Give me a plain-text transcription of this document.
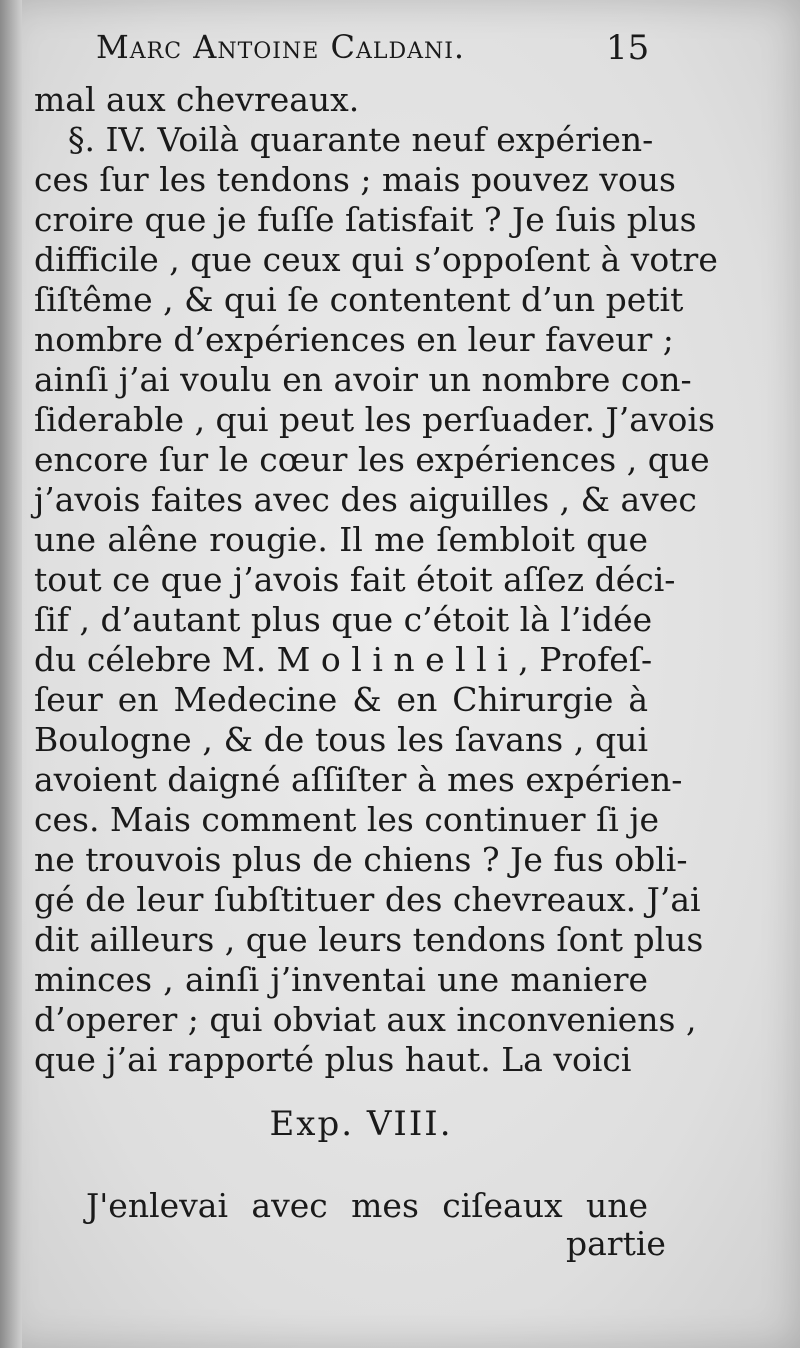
Marc Antoine Caldani.	15
mal aux chevreaux.
§. IV. Voilà quarante neuf expérien-
ces ſur les tendons ; mais pouvez vous
croire que je fuſſe ſatisfait ? Je ſuis plus
difficile , que ceux qui s’oppoſent à votre
ſiſtême , & qui ſe contentent d’un petit
nombre d’expériences en leur faveur ;
ainſi j’ai voulu en avoir un nombre con-
ſiderable , qui peut les perſuader. J’avois
encore ſur le cœur les expériences , que
j’avois faites avec des aiguilles , & avec
une alêne rougie. Il me ſembloit que
tout ce que j’avois fait étoit aſſez déci-
ſif , d’autant plus que c’étoit là l’idée
du célebre M. M o l i n e l l i , Profeſ-
ſeur en Medecine & en Chirurgie à
Boulogne , & de tous les ſavans , qui
avoient daigné aſſiſter à mes expérien-
ces. Mais comment les continuer ſi je
ne trouvois plus de chiens ? Je fus obli-
gé de leur ſubſtituer des chevreaux. J’ai
dit ailleurs , que leurs tendons ſont plus
minces , ainſi j’inventai une maniere
d’operer ; qui obviat aux inconveniens ,
que j’ai rapporté plus haut. La voici
Exp. VIII.
J'enlevai avec mes ciſeaux une
partie
